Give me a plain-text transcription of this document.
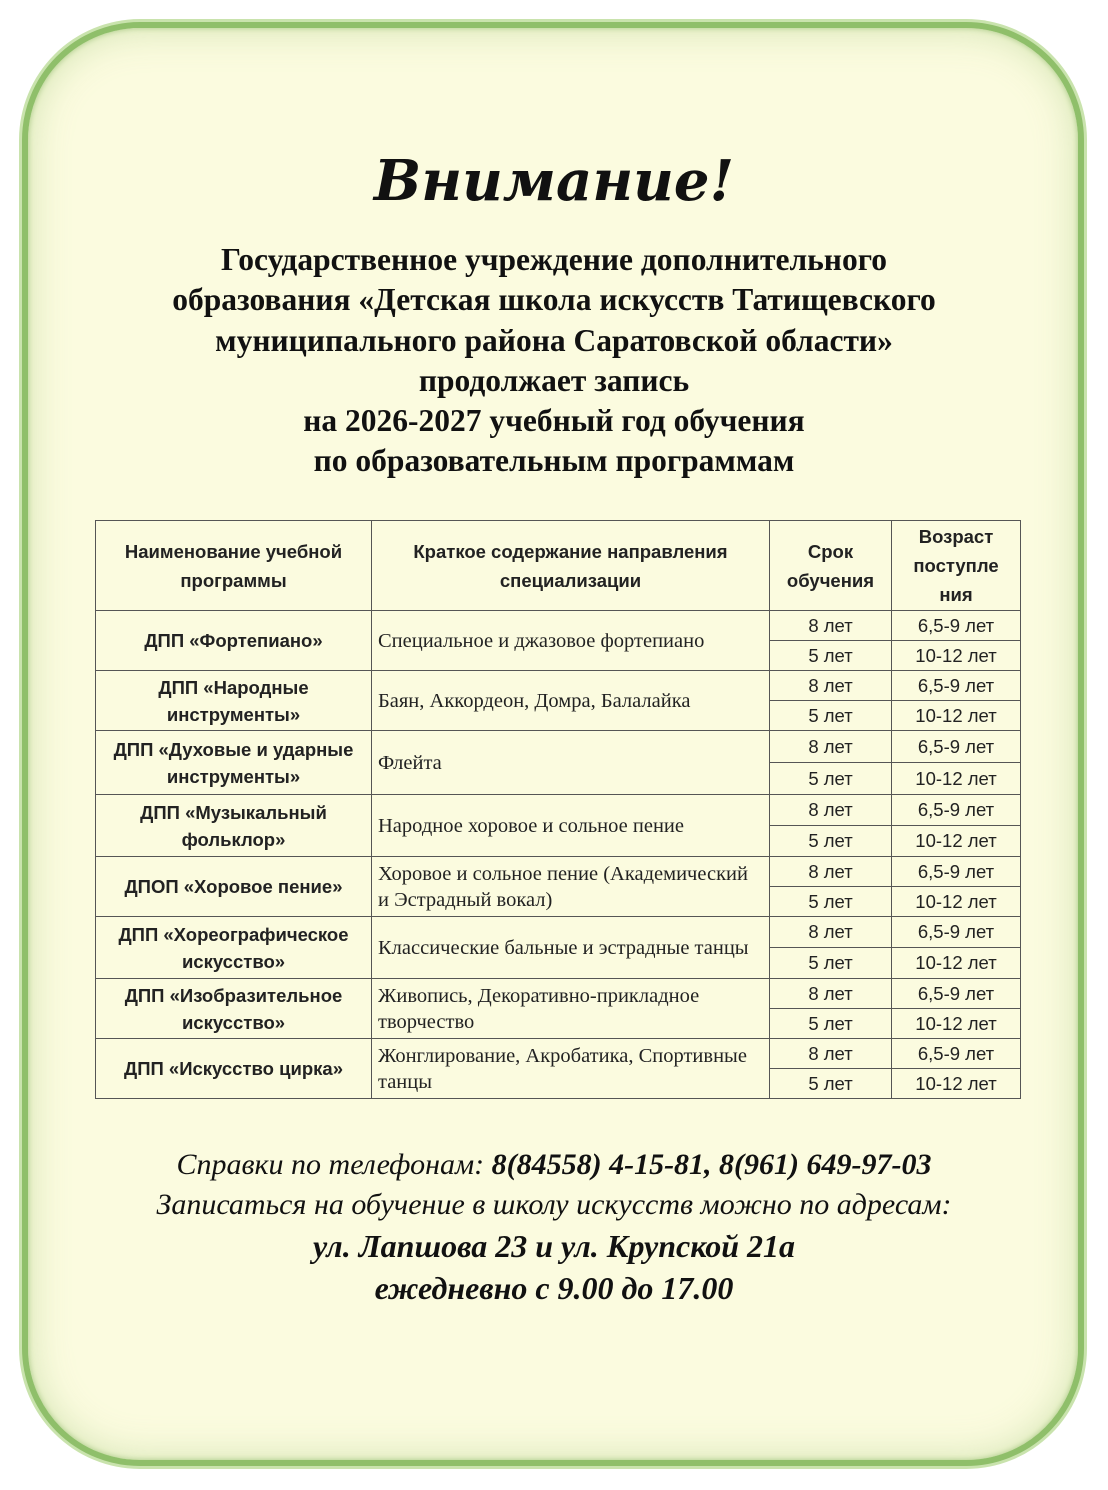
Внимание!

Государственное учреждение дополнительного
образования «Детская школа искусств Татищевского
муниципального района Саратовской области»
продолжает запись
на 2026-2027 учебный год обучения
по образовательным программам

Наименование учебной программы	Краткое содержание направления специализации	Срок обучения	Возраст поступле ния
ДПП «Фортепиано»	Специальное и джазовое фортепиано	8 лет	6,5-9 лет
		5 лет	10-12 лет
ДПП «Народные инструменты»	Баян, Аккордеон, Домра, Балалайка	8 лет	6,5-9 лет
		5 лет	10-12 лет
ДПП «Духовые и ударные инструменты»	Флейта	8 лет	6,5-9 лет
		5 лет	10-12 лет
ДПП «Музыкальный фольклор»	Народное хоровое и сольное пение	8 лет	6,5-9 лет
		5 лет	10-12 лет
ДПОП «Хоровое пение»	Хоровое и сольное пение (Академический и Эстрадный вокал)	8 лет	6,5-9 лет
		5 лет	10-12 лет
ДПП «Хореографическое искусство»	Классические бальные и эстрадные танцы	8 лет	6,5-9 лет
		5 лет	10-12 лет
ДПП «Изобразительное искусство»	Живопись, Декоративно-прикладное творчество	8 лет	6,5-9 лет
		5 лет	10-12 лет
ДПП «Искусство цирка»	Жонглирование, Акробатика, Спортивные танцы	8 лет	6,5-9 лет
		5 лет	10-12 лет

Справки по телефонам: 8(84558) 4-15-81, 8(961) 649-97-03

Записаться на обучение в школу искусств можно по адресам:

ул. Лапшова 23 и ул. Крупской 21а

ежедневно с 9.00 до 17.00
